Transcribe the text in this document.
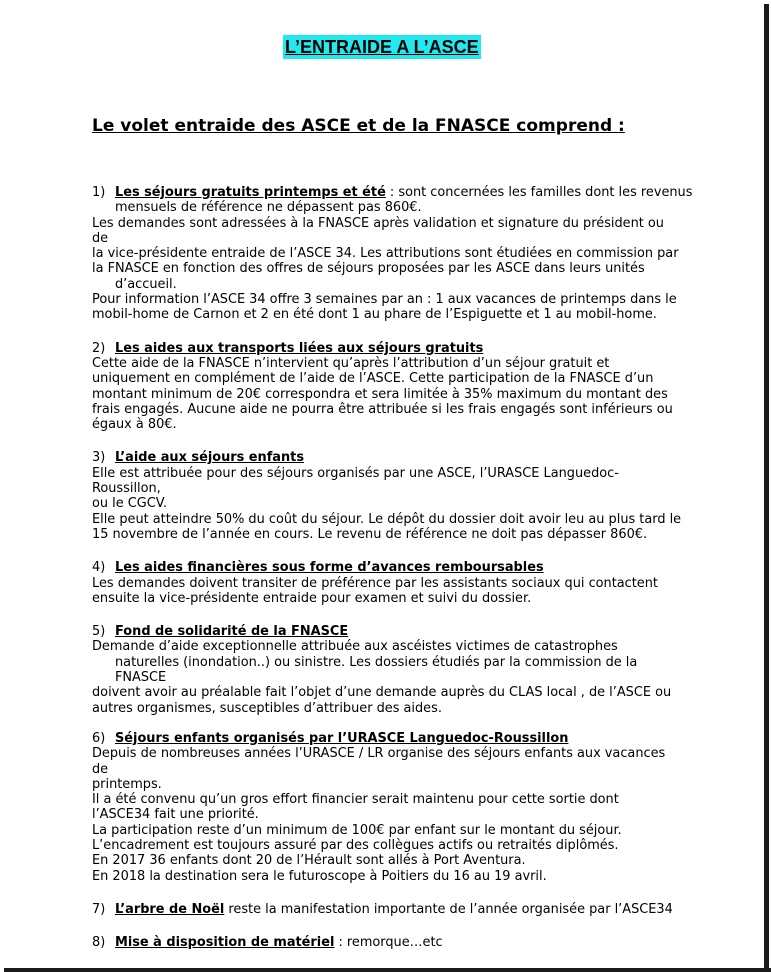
L’ENTRAIDE A L’ASCE
Le volet entraide des ASCE et de la FNASCE comprend :
1) Les séjours gratuits printemps et été : sont concernées les familles dont les revenus
mensuels de référence ne dépassent pas 860€.
Les demandes sont adressées à la FNASCE après validation et signature du président ou de
la vice-présidente entraide de l’ASCE 34. Les attributions sont étudiées en commission par
la FNASCE en fonction des offres de séjours proposées par les ASCE dans leurs unités
d’accueil.
Pour information l’ASCE 34 offre 3 semaines par an : 1 aux vacances de printemps dans le
mobil-home de Carnon et 2 en été dont 1 au phare de l’Espiguette et 1 au mobil-home.
2) Les aides aux transports liées aux séjours gratuits
Cette aide de la FNASCE n’intervient qu’après l’attribution d’un séjour gratuit et
uniquement en complément de l’aide de l’ASCE. Cette participation de la FNASCE d’un
montant minimum de 20€ correspondra et sera limitée à 35% maximum du montant des
frais engagés. Aucune aide ne pourra être attribuée si les frais engagés sont inférieurs ou
égaux à 80€.
3) L’aide aux séjours enfants
Elle est attribuée pour des séjours organisés par une ASCE, l’URASCE Languedoc-Roussillon,
ou le CGCV.
Elle peut atteindre 50% du coût du séjour. Le dépôt du dossier doit avoir leu au plus tard le
15 novembre de l’année en cours. Le revenu de référence ne doit pas dépasser 860€.
4) Les aides financières sous forme d’avances remboursables
Les demandes doivent transiter de préférence par les assistants sociaux qui contactent
ensuite la vice-présidente entraide pour examen et suivi du dossier.
5) Fond de solidarité de la FNASCE
Demande d’aide exceptionnelle attribuée aux ascéistes victimes de catastrophes
naturelles (inondation..) ou sinistre. Les dossiers étudiés par la commission de la FNASCE
doivent avoir au préalable fait l’objet d’une demande auprès du CLAS local , de l’ASCE ou
autres organismes, susceptibles d’attribuer des aides.
6) Séjours enfants organisés par l’URASCE Languedoc-Roussillon
Depuis de nombreuses années l’URASCE / LR organise des séjours enfants aux vacances de
printemps.
Il a été convenu qu’un gros effort financier serait maintenu pour cette sortie dont
l’ASCE34 fait une priorité.
La participation reste d’un minimum de 100€ par enfant sur le montant du séjour.
L’encadrement est toujours assuré par des collègues actifs ou retraités diplômés.
En 2017 36 enfants dont 20 de l’Hérault sont allés à Port Aventura.
En 2018 la destination sera le futuroscope à Poitiers du 16 au 19 avril.
7) L’arbre de Noël reste la manifestation importante de l’année organisée par l’ASCE34
8) Mise à disposition de matériel : remorque…etc
